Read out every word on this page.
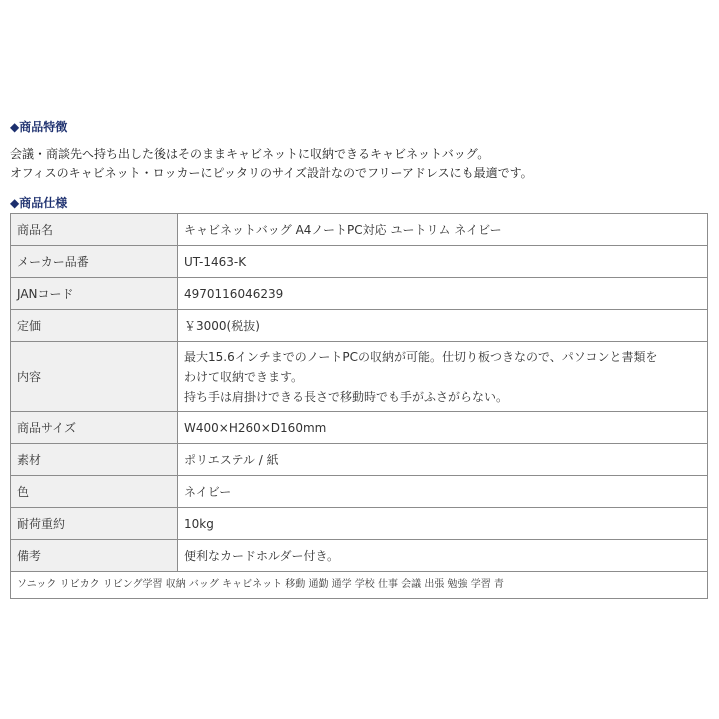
◆商品特徴
会議・商談先へ持ち出した後はそのままキャビネットに収納できるキャビネットバッグ。
オフィスのキャビネット・ロッカーにピッタリのサイズ設計なのでフリーアドレスにも最適です。
◆商品仕様
商品名	キャビネットバッグ A4ノートPC対応 ユートリム ネイビー

メーカー品番	UT-1463-K

JANコード	4970116046239

定価	￥3000(税抜)

内容	最大15.6インチまでのノートPCの収納が可能。仕切り板つきなので、パソコンと書類を
わけて収納できます。
持ち手は肩掛けできる長さで移動時でも手がふさがらない。

商品サイズ	W400×H260×D160mm

素材	ポリエステル / 紙

色	ネイビー

耐荷重約	10kg

備考	便利なカードホルダー付き。

ソニック リビカク リビング学習 収納 バッグ キャビネット 移動 通勤 通学 学校 仕事 会議 出張 勉強 学習 青	
